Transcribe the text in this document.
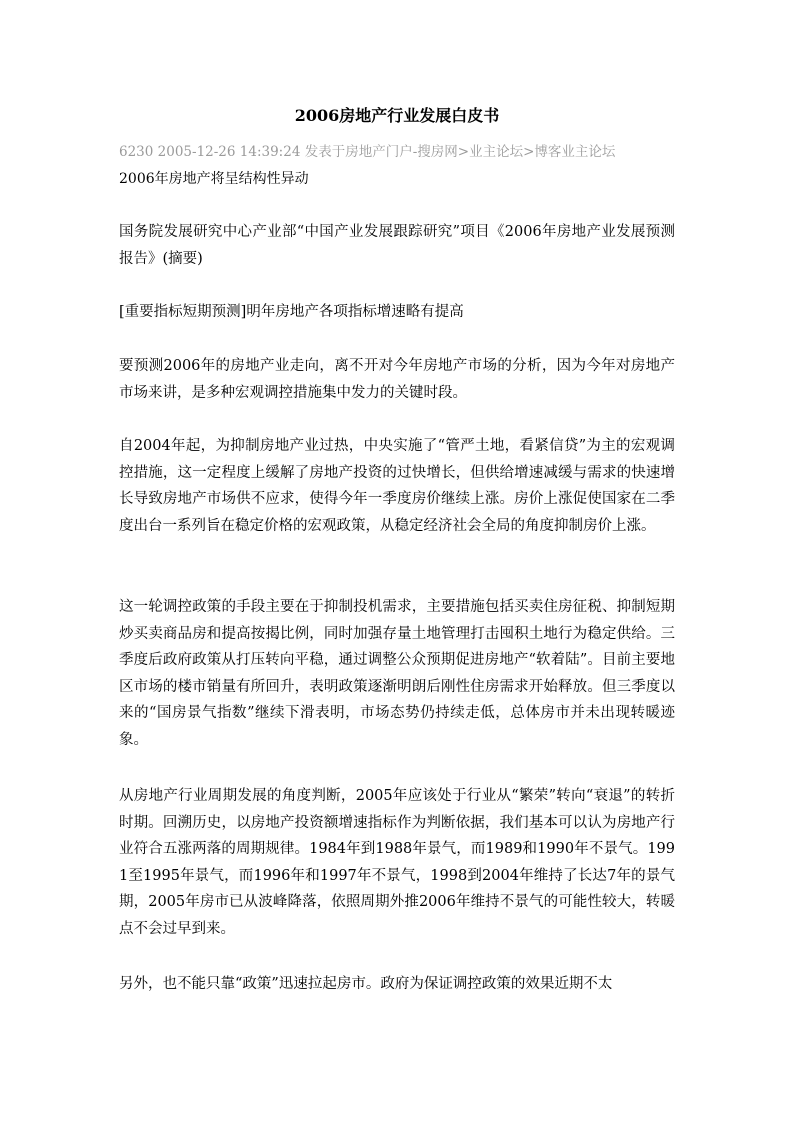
2006房地产行业发展白皮书
6230 2005-12-26 14:39:24 发表于房地产门户-搜房网>业主论坛>博客业主论坛
2006年房地产将呈结构性异动

国务院发展研究中心产业部“中国产业发展跟踪研究”项目《2006年房地产业发展预测报告》(摘要)

[重要指标短期预测]明年房地产各项指标增速略有提高

要预测2006年的房地产业走向，离不开对今年房地产市场的分析，因为今年对房地产市场来讲，是多种宏观调控措施集中发力的关键时段。

自2004年起，为抑制房地产业过热，中央实施了“管严土地，看紧信贷”为主的宏观调控措施，这一定程度上缓解了房地产投资的过快增长，但供给增速减缓与需求的快速增长导致房地产市场供不应求，使得今年一季度房价继续上涨。房价上涨促使国家在二季度出台一系列旨在稳定价格的宏观政策，从稳定经济社会全局的角度抑制房价上涨。

这一轮调控政策的手段主要在于抑制投机需求，主要措施包括买卖住房征税、抑制短期炒买卖商品房和提高按揭比例，同时加强存量土地管理打击囤积土地行为稳定供给。三季度后政府政策从打压转向平稳，通过调整公众预期促进房地产“软着陆”。目前主要地区市场的楼市销量有所回升，表明政策逐渐明朗后刚性住房需求开始释放。但三季度以来的“国房景气指数”继续下滑表明，市场态势仍持续走低，总体房市并未出现转暖迹象。

从房地产行业周期发展的角度判断，2005年应该处于行业从“繁荣”转向“衰退”的转折时期。回溯历史，以房地产投资额增速指标作为判断依据，我们基本可以认为房地产行业符合五涨两落的周期规律。1984年到1988年景气，而1989和1990年不景气。1991至1995年景气，而1996年和1997年不景气，1998到2004年维持了长达7年的景气期，2005年房市已从波峰降落，依照周期外推2006年维持不景气的可能性较大，转暖点不会过早到来。

另外，也不能只靠“政策”迅速拉起房市。政府为保证调控政策的效果近期不太
